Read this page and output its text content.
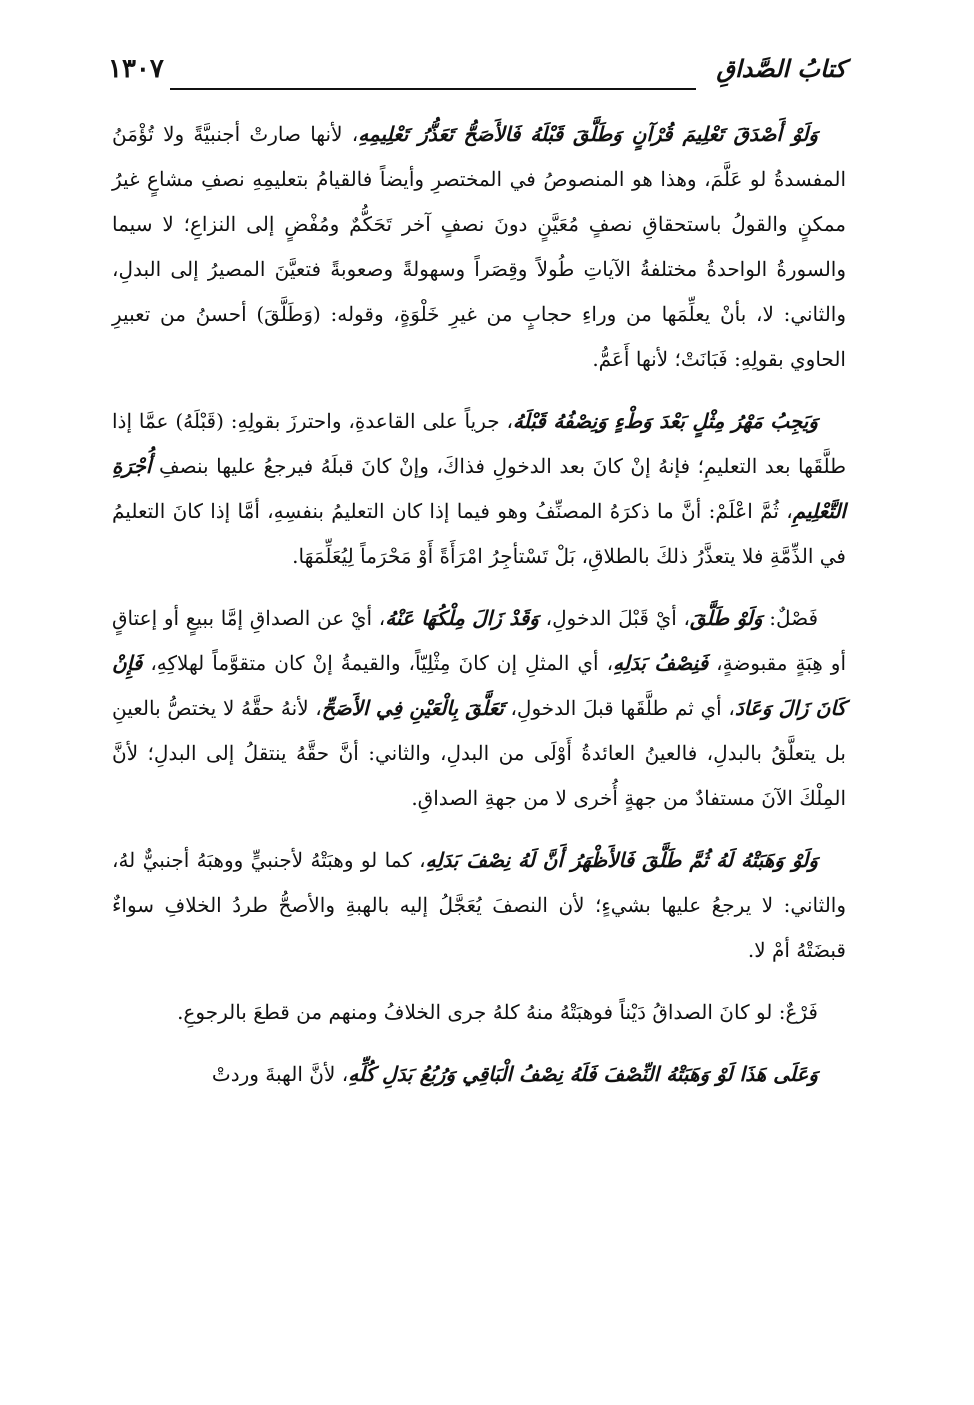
كتابُ الصَّداقِ
١٣٠٧

وَلَوْ أَصْدَقَ تَعْلِيمَ قُرْآنٍ وَطَلَّقَ قَبْلَهُ فَالأَصَحُّ تَعَذُّرُ تَعْلِيمِهِ، لأنها صارتْ أجنبيَّةً ولا تُؤْمَنُ المفسدةُ لو عَلَّمَ، وهذا هو المنصوصُ في المختصرِ وأيضاً فالقيامُ بتعليمِهِ نصفِ مشاعٍ غيرُ ممكنٍ والقولُ باستحقاقِ نصفٍ مُعَيَّنٍ دونَ نصفٍ آخر تَحَكُّمٌ ومُفْضٍ إلى النزاعِ؛ لا سيما والسورةُ الواحدةُ مختلفةُ الآياتِ طُولاً وقِصَراً وسهولةً وصعوبةً فتعيَّنَ المصيرُ إلى البدلِ، والثاني: لا، بأنْ يعلِّمَها من وراءِ حجابٍ من غيرِ خَلْوَةٍ، وقوله: (وَطَلَّقَ) أحسنُ من تعبيرِ الحاوي بقولِهِ: فَبَانَتْ؛ لأنها أَعَمُّ.

وَيَجِبُ مَهْرُ مِثْلٍ بَعْدَ وَطْءٍ وَنِصْفُهُ قَبْلَهُ، جرياً على القاعدةِ، واحترزَ بقولِهِ: (قَبْلَهُ) عمَّا إذا طلَّقَها بعد التعليمِ؛ فإنهُ إنْ كانَ بعد الدخولِ فذاكَ، وإنْ كانَ قبلَهُ فيرجعُ عليها بنصفِ أُجْرَةِ التَّعْلِيمِ، ثُمَّ اعْلَمْ: أنَّ ما ذكرَهُ المصنِّفُ وهو فيما إذا كان التعليمُ بنفسِهِ، أمَّا إذا كانَ التعليمُ في الذِّمَّةِ فلا يتعذَّرُ ذلكَ بالطلاقِ، بَلْ تَسْتأجِرُ امْرَأَةً أَوْ مَحْرَماً لِيُعَلِّمَهَا.

فَصْلٌ: وَلَوْ طَلَّقَ، أيْ قَبْلَ الدخولِ، وَقَدْ زَالَ مِلْكُهَا عَنْهُ، أيْ عن الصداقِ إمَّا ببيعٍ أو إعتاقٍ أو هِبَةٍ مقبوضةٍ، فَنِصْفُ بَدَلِهِ، أي المثلِ إن كانَ مِثْلِيّاً، والقيمةُ إنْ كان متقوَّماً لهلاكِهِ، فَإِنْ كَانَ زَالَ وَعَادَ، أي ثم طلَّقَها قبلَ الدخولِ، تَعَلَّقَ بِالْعَيْنِ فِي الأَصَحِّ، لأنهُ حقَّهُ لا يختصُّ بالعينِ بل يتعلَّقُ بالبدلِ، فالعينُ العائدةُ أَوْلَى من البدلِ، والثاني: أنَّ حقَّهُ ينتقلُ إلى البدلِ؛ لأنَّ المِلْكَ الآنَ مستفادٌ من جهةٍ أُخرى لا من جهةِ الصداقِ.

وَلَوْ وَهَبَتْهُ لَهُ ثُمَّ طَلَّقَ فَالأَظْهَرُ أَنَّ لَهُ نِصْفَ بَدَلِهِ، كما لو وهبَتْهُ لأجنبيٍّ ووهبَهُ أجنبيٌّ لهُ، والثاني: لا يرجعُ عليها بشيءٍ؛ لأن النصفَ يُعَجَّلُ إليه بالهبةِ والأصحُّ طردُ الخلافِ سواءٌ قبضَتْهُ أمْ لا.

فَرْعٌ: لو كانَ الصداقُ دَيْناً فوهبَتْهُ منهُ كلهُ جرى الخلافُ ومنهم من قطعَ بالرجوعِ.

وَعَلَى هَذَا لَوْ وَهَبَتْهُ النِّصْفَ فَلَهُ نِصْفُ الْبَاقِي وَرُبُعُ بَدَلِ كُلِّهِ، لأنَّ الهبةَ وردتْ
